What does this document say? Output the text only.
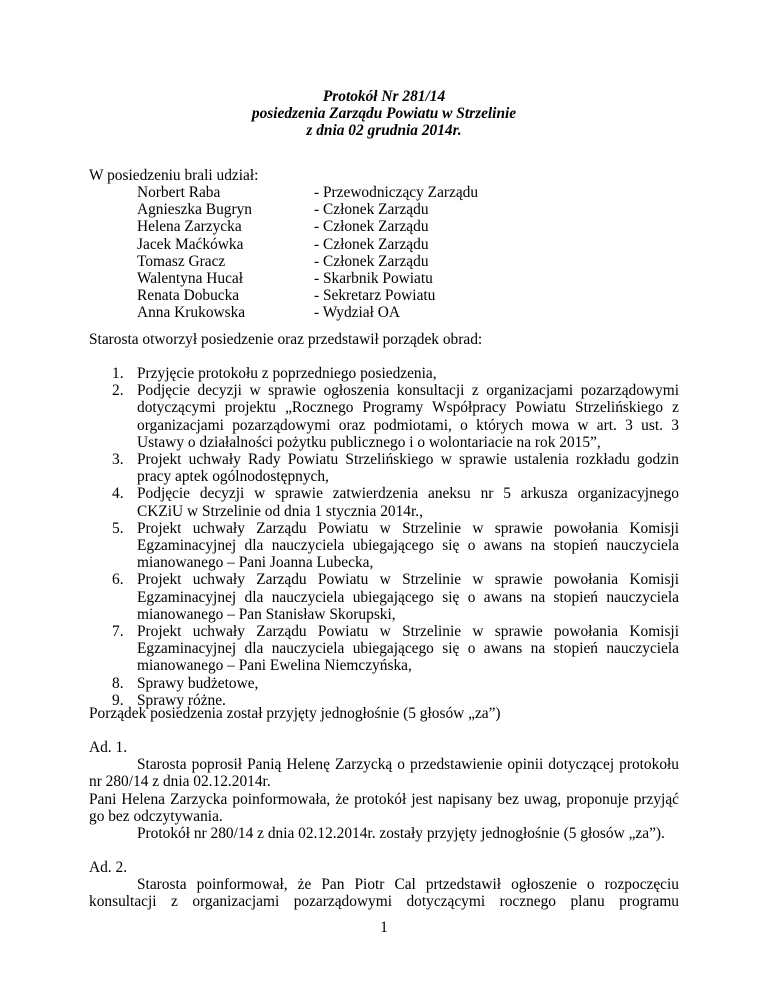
Protokół Nr 281/14
posiedzenia Zarządu Powiatu w Strzelinie
z dnia 02 grudnia 2014r.
W posiedzeniu brali udział:
Norbert Raba	- Przewodniczący Zarządu
Agnieszka Bugryn	- Członek Zarządu
Helena Zarzycka	- Członek Zarządu
Jacek Maćkówka	- Członek Zarządu
Tomasz Gracz	- Członek Zarządu
Walentyna Hucał	- Skarbnik Powiatu
Renata Dobucka	- Sekretarz Powiatu
Anna Krukowska	- Wydział OA
Starosta otworzył posiedzenie oraz przedstawił porządek obrad:
1. Przyjęcie protokołu z poprzedniego posiedzenia,
2. Podjęcie decyzji w sprawie ogłoszenia konsultacji z organizacjami pozarządowymi
dotyczącymi projektu „Rocznego Programy Współpracy Powiatu Strzelińskiego z
organizacjami pozarządowymi oraz podmiotami, o których mowa w art. 3 ust. 3
Ustawy o działalności pożytku publicznego i o wolontariacie na rok 2015”,
3. Projekt uchwały Rady Powiatu Strzelińskiego w sprawie ustalenia rozkładu godzin
pracy aptek ogólnodostępnych,
4. Podjęcie decyzji w sprawie zatwierdzenia aneksu nr 5 arkusza organizacyjnego
CKZiU w Strzelinie od dnia 1 stycznia 2014r.,
5. Projekt uchwały Zarządu Powiatu w Strzelinie w sprawie powołania Komisji
Egzaminacyjnej dla nauczyciela ubiegającego się o awans na stopień nauczyciela
mianowanego – Pani Joanna Lubecka,
6. Projekt uchwały Zarządu Powiatu w Strzelinie w sprawie powołania Komisji
Egzaminacyjnej dla nauczyciela ubiegającego się o awans na stopień nauczyciela
mianowanego – Pan Stanisław Skorupski,
7. Projekt uchwały Zarządu Powiatu w Strzelinie w sprawie powołania Komisji
Egzaminacyjnej dla nauczyciela ubiegającego się o awans na stopień nauczyciela
mianowanego – Pani Ewelina Niemczyńska,
8. Sprawy budżetowe,
9. Sprawy różne.
Porządek posiedzenia został przyjęty jednogłośnie (5 głosów „za”)
Ad. 1.
Starosta poprosił Panią Helenę Zarzycką o przedstawienie opinii dotyczącej protokołu
nr 280/14 z dnia 02.12.2014r.
Pani Helena Zarzycka poinformowała, że protokół jest napisany bez uwag, proponuje przyjąć
go bez odczytywania.
Protokół nr 280/14 z dnia 02.12.2014r. zostały przyjęty jednogłośnie (5 głosów „za”).
Ad. 2.
Starosta poinformował, że Pan Piotr Cal prtzedstawił ogłoszenie o rozpoczęciu
konsultacji z organizacjami pozarządowymi dotyczącymi rocznego planu programu
1
